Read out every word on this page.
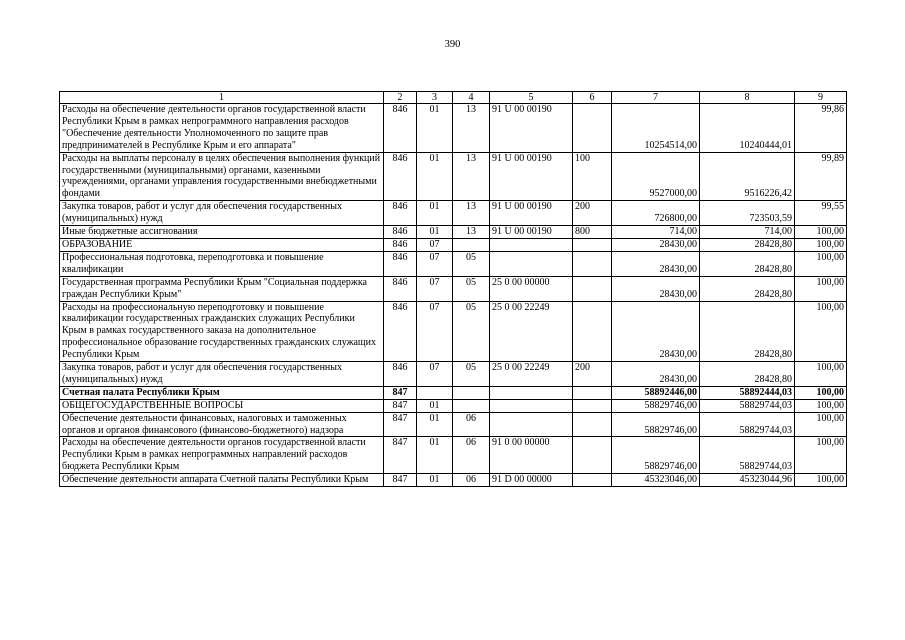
390
1	2	3	4	5	6	7	8	9
Расходы на обеспечение деятельности органов государственной власти Республики Крым в рамках непрограммного направления расходов "Обеспечение деятельности Уполномоченного по защите прав предпринимателей в Республике Крым и его аппарата"	846	01	13	91 U 00 00190		10254514,00	10240444,01	99,86
Расходы на выплаты персоналу в целях обеспечения выполнения функций государственными (муниципальными) органами, казенными учреждениями, органами управления государственными внебюджетными фондами	846	01	13	91 U 00 00190	100	9527000,00	9516226,42	99,89
Закупка товаров, работ и услуг для обеспечения государственных (муниципальных) нужд	846	01	13	91 U 00 00190	200	726800,00	723503,59	99,55
Иные бюджетные ассигнования	846	01	13	91 U 00 00190	800	714,00	714,00	100,00
ОБРАЗОВАНИЕ	846	07				28430,00	28428,80	100,00
Профессиональная подготовка, переподготовка и повышение квалификации	846	07	05			28430,00	28428,80	100,00
Государственная программа Республики Крым "Социальная поддержка граждан Республики Крым"	846	07	05	25 0 00 00000		28430,00	28428,80	100,00
Расходы на профессиональную переподготовку и повышение квалификации государственных гражданских служащих Республики Крым в рамках государственного заказа на дополнительное профессиональное образование государственных гражданских служащих Республики Крым	846	07	05	25 0 00 22249		28430,00	28428,80	100,00
Закупка товаров, работ и услуг для обеспечения государственных (муниципальных) нужд	846	07	05	25 0 00 22249	200	28430,00	28428,80	100,00
Счетная палата Республики Крым	847					58892446,00	58892444,03	100,00
ОБЩЕГОСУДАРСТВЕННЫЕ ВОПРОСЫ	847	01				58829746,00	58829744,03	100,00
Обеспечение деятельности финансовых, налоговых и таможенных органов и органов финансового (финансово-бюджетного) надзора	847	01	06			58829746,00	58829744,03	100,00
Расходы на обеспечение деятельности органов государственной власти Республики Крым в рамках непрограммных направлений расходов бюджета Республики Крым	847	01	06	91 0 00 00000		58829746,00	58829744,03	100,00
Обеспечение деятельности аппарата Счетной палаты Республики Крым	847	01	06	91 D 00 00000		45323046,00	45323044,96	100,00
